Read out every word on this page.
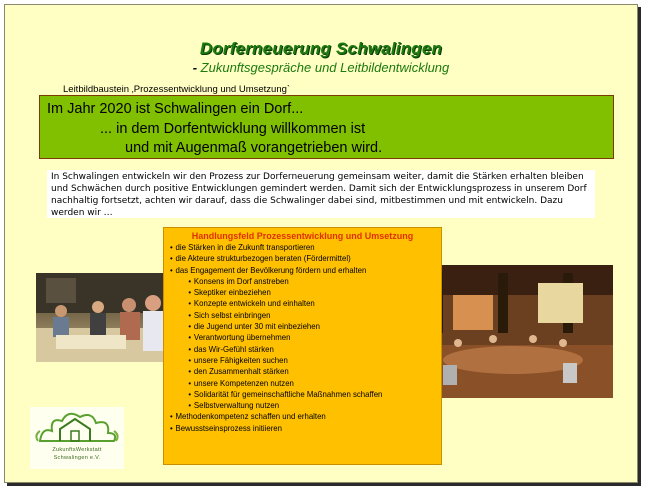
Dorferneuerung Schwalingen
- Zukunftsgespräche und Leitbildentwicklung
Leitbildbaustein ‚Prozessentwicklung und Umsetzung`
Im Jahr 2020 ist Schwalingen ein Dorf...
... in dem Dorfentwicklung willkommen ist
und mit Augenmaß vorangetrieben wird.
In Schwalingen entwickeln wir den Prozess zur Dorferneuerung gemeinsam weiter, damit die Stärken erhalten bleiben und Schwächen durch positive Entwicklungen gemindert werden. Damit sich der Entwicklungsprozess in unserem Dorf nachhaltig fortsetzt, achten wir darauf, dass die Schwalinger dabei sind, mitbestimmen und mit entwickeln. Dazu werden wir …
Handlungsfeld Prozessentwicklung und Umsetzung
• die Stärken in die Zukunft transportieren
• die Akteure strukturbezogen beraten (Fördermittel)
• das Engagement der Bevölkerung fördern und erhalten
• Konsens im Dorf anstreben
• Skeptiker einbeziehen
• Konzepte entwickeln und einhalten
• Sich selbst einbringen
• die Jugend unter 30 mit einbeziehen
• Verantwortung übernehmen
• das Wir-Gefühl stärken
• unsere Fähigkeiten suchen
• den Zusammenhalt stärken
• unsere Kompetenzen nutzen
• Solidarität für gemeinschaftliche Maßnahmen schaffen
• Selbstverwaltung nutzen
• Methodenkompetenz schaffen und erhalten
• Bewusstseinsprozess initiieren
ZukunftsWerkstatt
Schwalingen e.V.
